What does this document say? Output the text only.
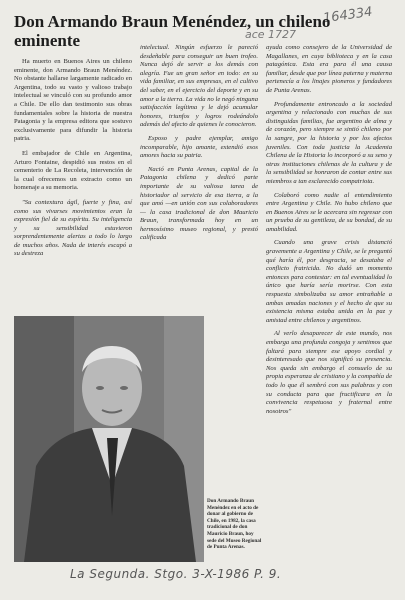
164334
ace 1727
Don Armando Braun Menéndez, un chileno eminente

Ha muerto en Buenos Aires un chileno eminente, don Armando Braun Menéndez. No obstante hallarse largamente radicado en Argentina, todo su vasto y valioso trabajo intelectual se vinculó con su profundo amor a Chile. De ello dan testimonio sus obras fundamentales sobre la historia de nuestra Patagonia y la empresa editora que sostuvo exclusivamente para difundir la historia patria.

El embajador de Chile en Argentina, Arturo Fontaine, despidió sus restos en el cementerio de La Recoleta, intervención de la cual ofrecemos un extracto como un homenaje a su memoria.

"Su contextura ágil, fuerte y fina, así como sus vivarses movimientos eran la expresión fiel de su espíritu. Su inteligencia y su sensibilidad estuvieron sorprendentemente alertas a todo lo largo de muchos años. Nada de interés escapó a su destreza

intelectual. Ningún esfuerzo le pareció desdeñable para conseguir un buen trofeo. Nunca dejó de servir a los demás con alegría. Fue un gran señor en todo: en su vida familiar, en sus empresas, en el cultivo del saber, en el ejercicio del deporte y en su amor a la tierra. La vida no le negó ninguna satisfacción legítima y le dejó acumular honores, triunfos y logros rodeándolo además del afecto de quienes le conocieron.

Esposo y padre ejemplar, amigo incomparable, hijo amante, extendió esos amores hacia su patria.

Nació en Punta Arenas, capital de la Patagonia chilena y dedicó parte importante de su valiosa tarea de historiador al servicio de esa tierra, a la que amó —en unión con sus colaboradores— la casa tradicional de don Mauricio Braun, transformada hoy en un hermosísimo museo regional, y prestó calificada

ayuda como consejero de la Universidad de Magallanes, en cuya biblioteca y en la casa patagónica. Esta era para él una causa familiar, desde que por línea paterna y materna pertenecía a los linajes pioneros y fundadores de Punta Arenas.

Profundamente entroncado a la sociedad argentina y relacionado con muchas de sus distinguidas familias, fue argentino de alma y de corazón, pero siempre se sintió chileno por la sangre, por la historia y por los afectos juveniles. Con toda justicia la Academia Chilena de la Historia lo incorporó a su seno y otras instituciones chilenas de la cultura y de la sensibilidad se honraron de contar entre sus miembros a tan esclarecido compatriota.

Colaboró como nadie al entendimiento entre Argentina y Chile. No hubo chileno que en Buenos Aires se le acercara sin regresar con un prueba de su gentileza, de su bondad, de su amabilidad.

Cuando una grave crisis distanció gravemente a Argentina y Chile, se le preguntó qué haría él, por desgracia, se desataba el conflicto fratricida. No dudó un momento entonces para contestar: en tal eventualidad lo único que haría sería morirse. Con esta respuesta simbolizaba su amor entrañable a ambas amadas naciones y el hecho de que su existencia misma estaba unida en la paz y amistad entre chilenos y argentinos.

Al verlo desaparecer de este mundo, nos embarga una profunda congoja y sentimos que faltará para siempre ese apoyo cordial y desinteresado que nos significó su presencia. Nos queda sin embargo el consuelo de su propia esperanza de cristiano y la compañía de todo lo que él sembró con sus palabras y con su conducta para que fructificara en la convivencia respetuosa y fraternal entre nosotros"

Don Armando Braun Menéndez en el acto de donar al gobierno de Chile, en 1982, la casa tradicional de don Mauricio Braun, hoy sede del Museo Regional de Punta Arenas.
La Segunda. Stgo. 3-X-1986 P. 9.
